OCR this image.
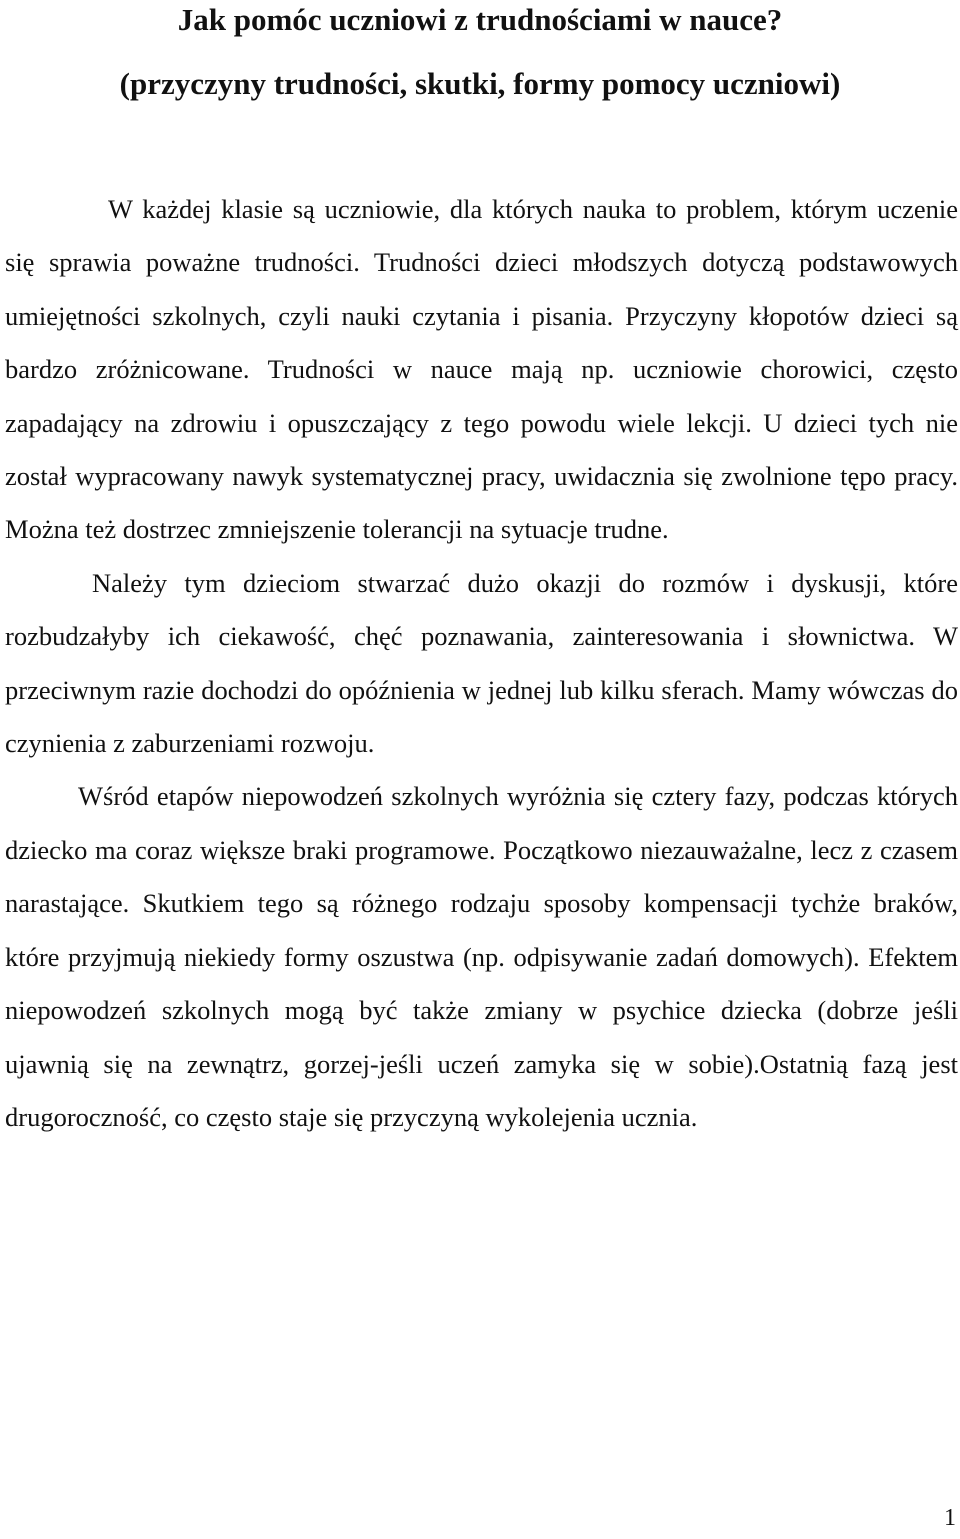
Jak pomóc uczniowi z trudnościami w nauce?
(przyczyny trudności, skutki, formy pomocy uczniowi)

W każdej klasie są uczniowie, dla których nauka to problem, którym uczenie się sprawia poważne trudności. Trudności dzieci młodszych dotyczą podstawowych umiejętności szkolnych, czyli nauki czytania i pisania. Przyczyny kłopotów dzieci są bardzo zróżnicowane. Trudności w nauce mają np. uczniowie chorowici, często zapadający na zdrowiu i opuszczający z tego powodu wiele lekcji. U dzieci tych nie został wypracowany nawyk systematycznej pracy, uwidacznia się zwolnione tępo pracy. Można też dostrzec zmniejszenie tolerancji na sytuacje trudne.

Należy tym dzieciom stwarzać dużo okazji do rozmów i dyskusji, które rozbudzałyby ich ciekawość, chęć poznawania, zainteresowania i słownictwa. W przeciwnym razie dochodzi do opóźnienia w jednej lub kilku sferach. Mamy wówczas do czynienia z zaburzeniami rozwoju.

Wśród etapów niepowodzeń szkolnych wyróżnia się cztery fazy, podczas których dziecko ma coraz większe braki programowe. Początkowo niezauważalne, lecz z czasem narastające. Skutkiem tego są różnego rodzaju sposoby kompensacji tychże braków, które przyjmują niekiedy formy oszustwa (np. odpisywanie zadań domowych). Efektem niepowodzeń szkolnych mogą być także zmiany w psychice dziecka (dobrze jeśli ujawnią się na zewnątrz, gorzej-jeśli uczeń zamyka się w sobie).Ostatnią fazą jest drugoroczność, co często staje się przyczyną wykolejenia ucznia.

1
